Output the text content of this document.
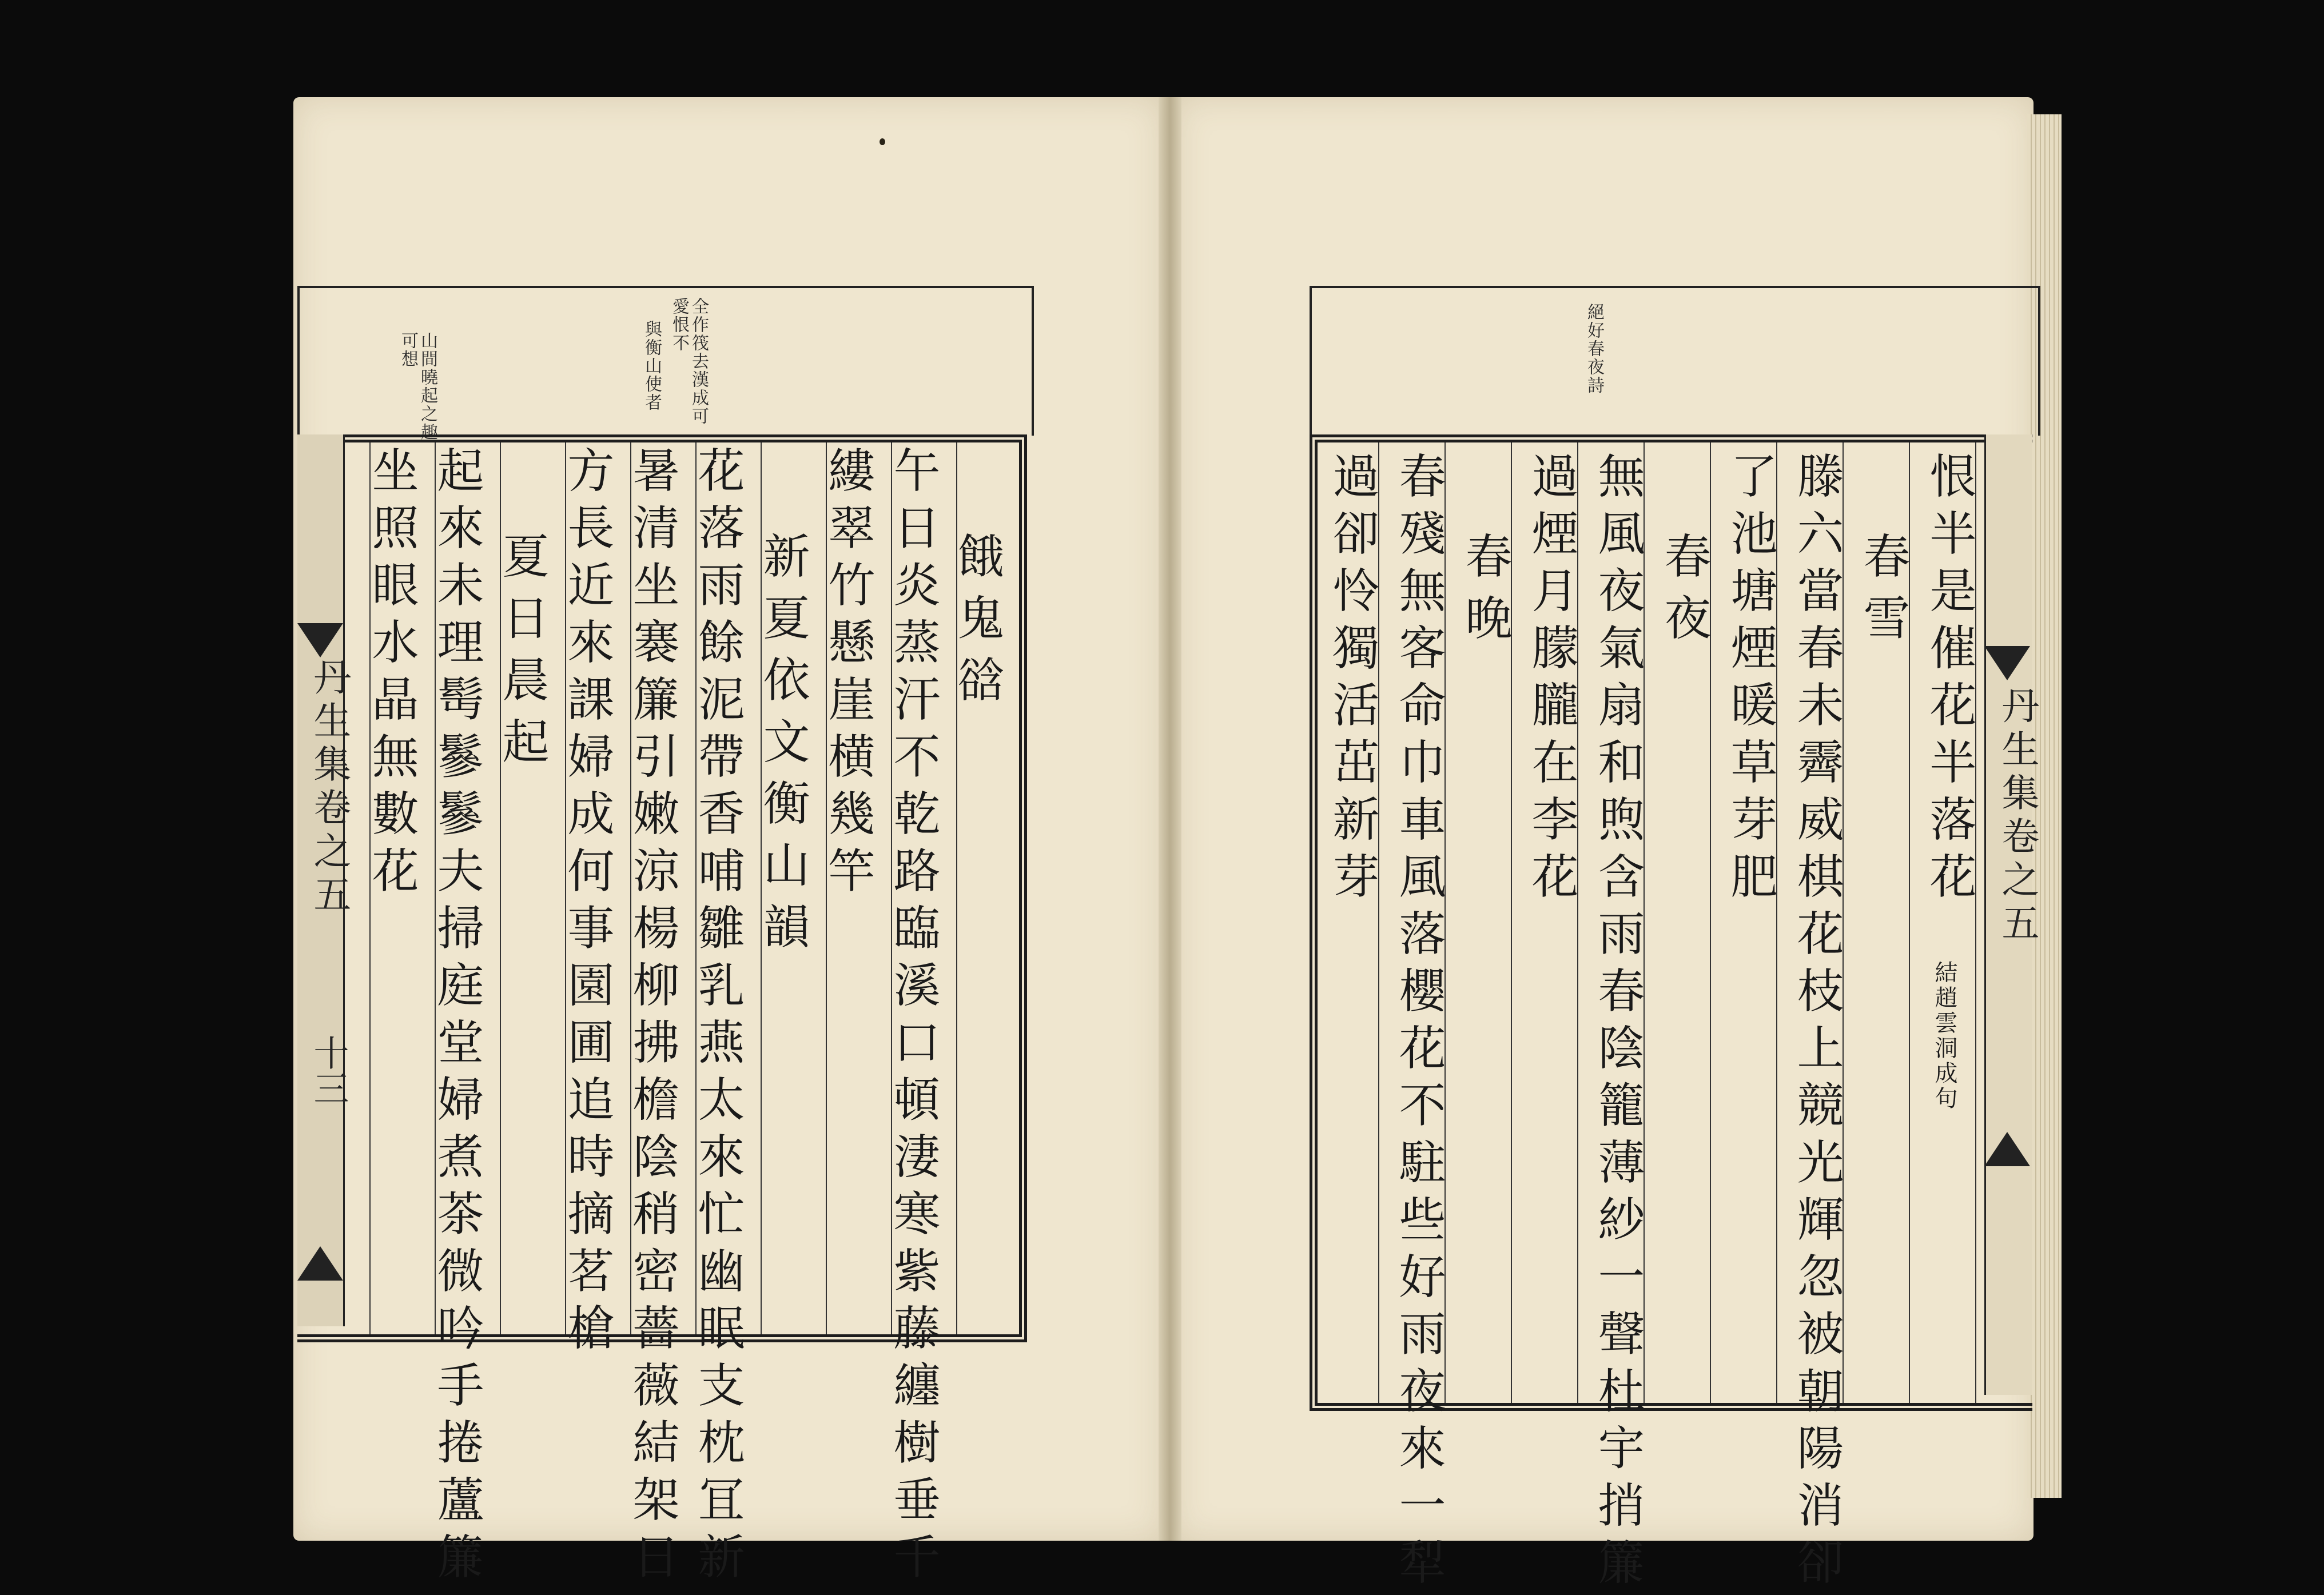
全作筏去漢成可愛恨不
與衡山使者
山間曉起之趣可想
丹生集卷之五
十三
餓鬼谽
午日炎蒸汗不乾路臨溪口頓淒寒紫藤纏樹垂千
縷翠竹懸崖横幾竿
新夏依文衡山韻
花落雨餘泥帶香哺雛乳燕太來忙幽眠支枕冝新
暑清坐褰簾引嫩涼楊柳拂檐陰稍密薔薇結架日
方長近來課婦成何事園圃追時摘茗槍
夏日晨起
起來未理髩鬖鬖夫掃庭堂婦煮茶微吟手捲蘆簾
坐照眼水晶無數花
絕好春夜詩
丹生集卷之五
恨半是催花半落花
結趙雲洞成句
春雪
滕六當春未霽威棋花枝上競光輝忽被朝陽消卻
了池塘煙暖草芽肥
春夜
無風夜氣扇和煦含雨春陰籠薄紗一聲杜宇捎簾
過煙月朦朧在李花
春晚
春殘無客命巾車風落櫻花不駐些好雨夜來一犁
過卻怜獨活茁新芽
